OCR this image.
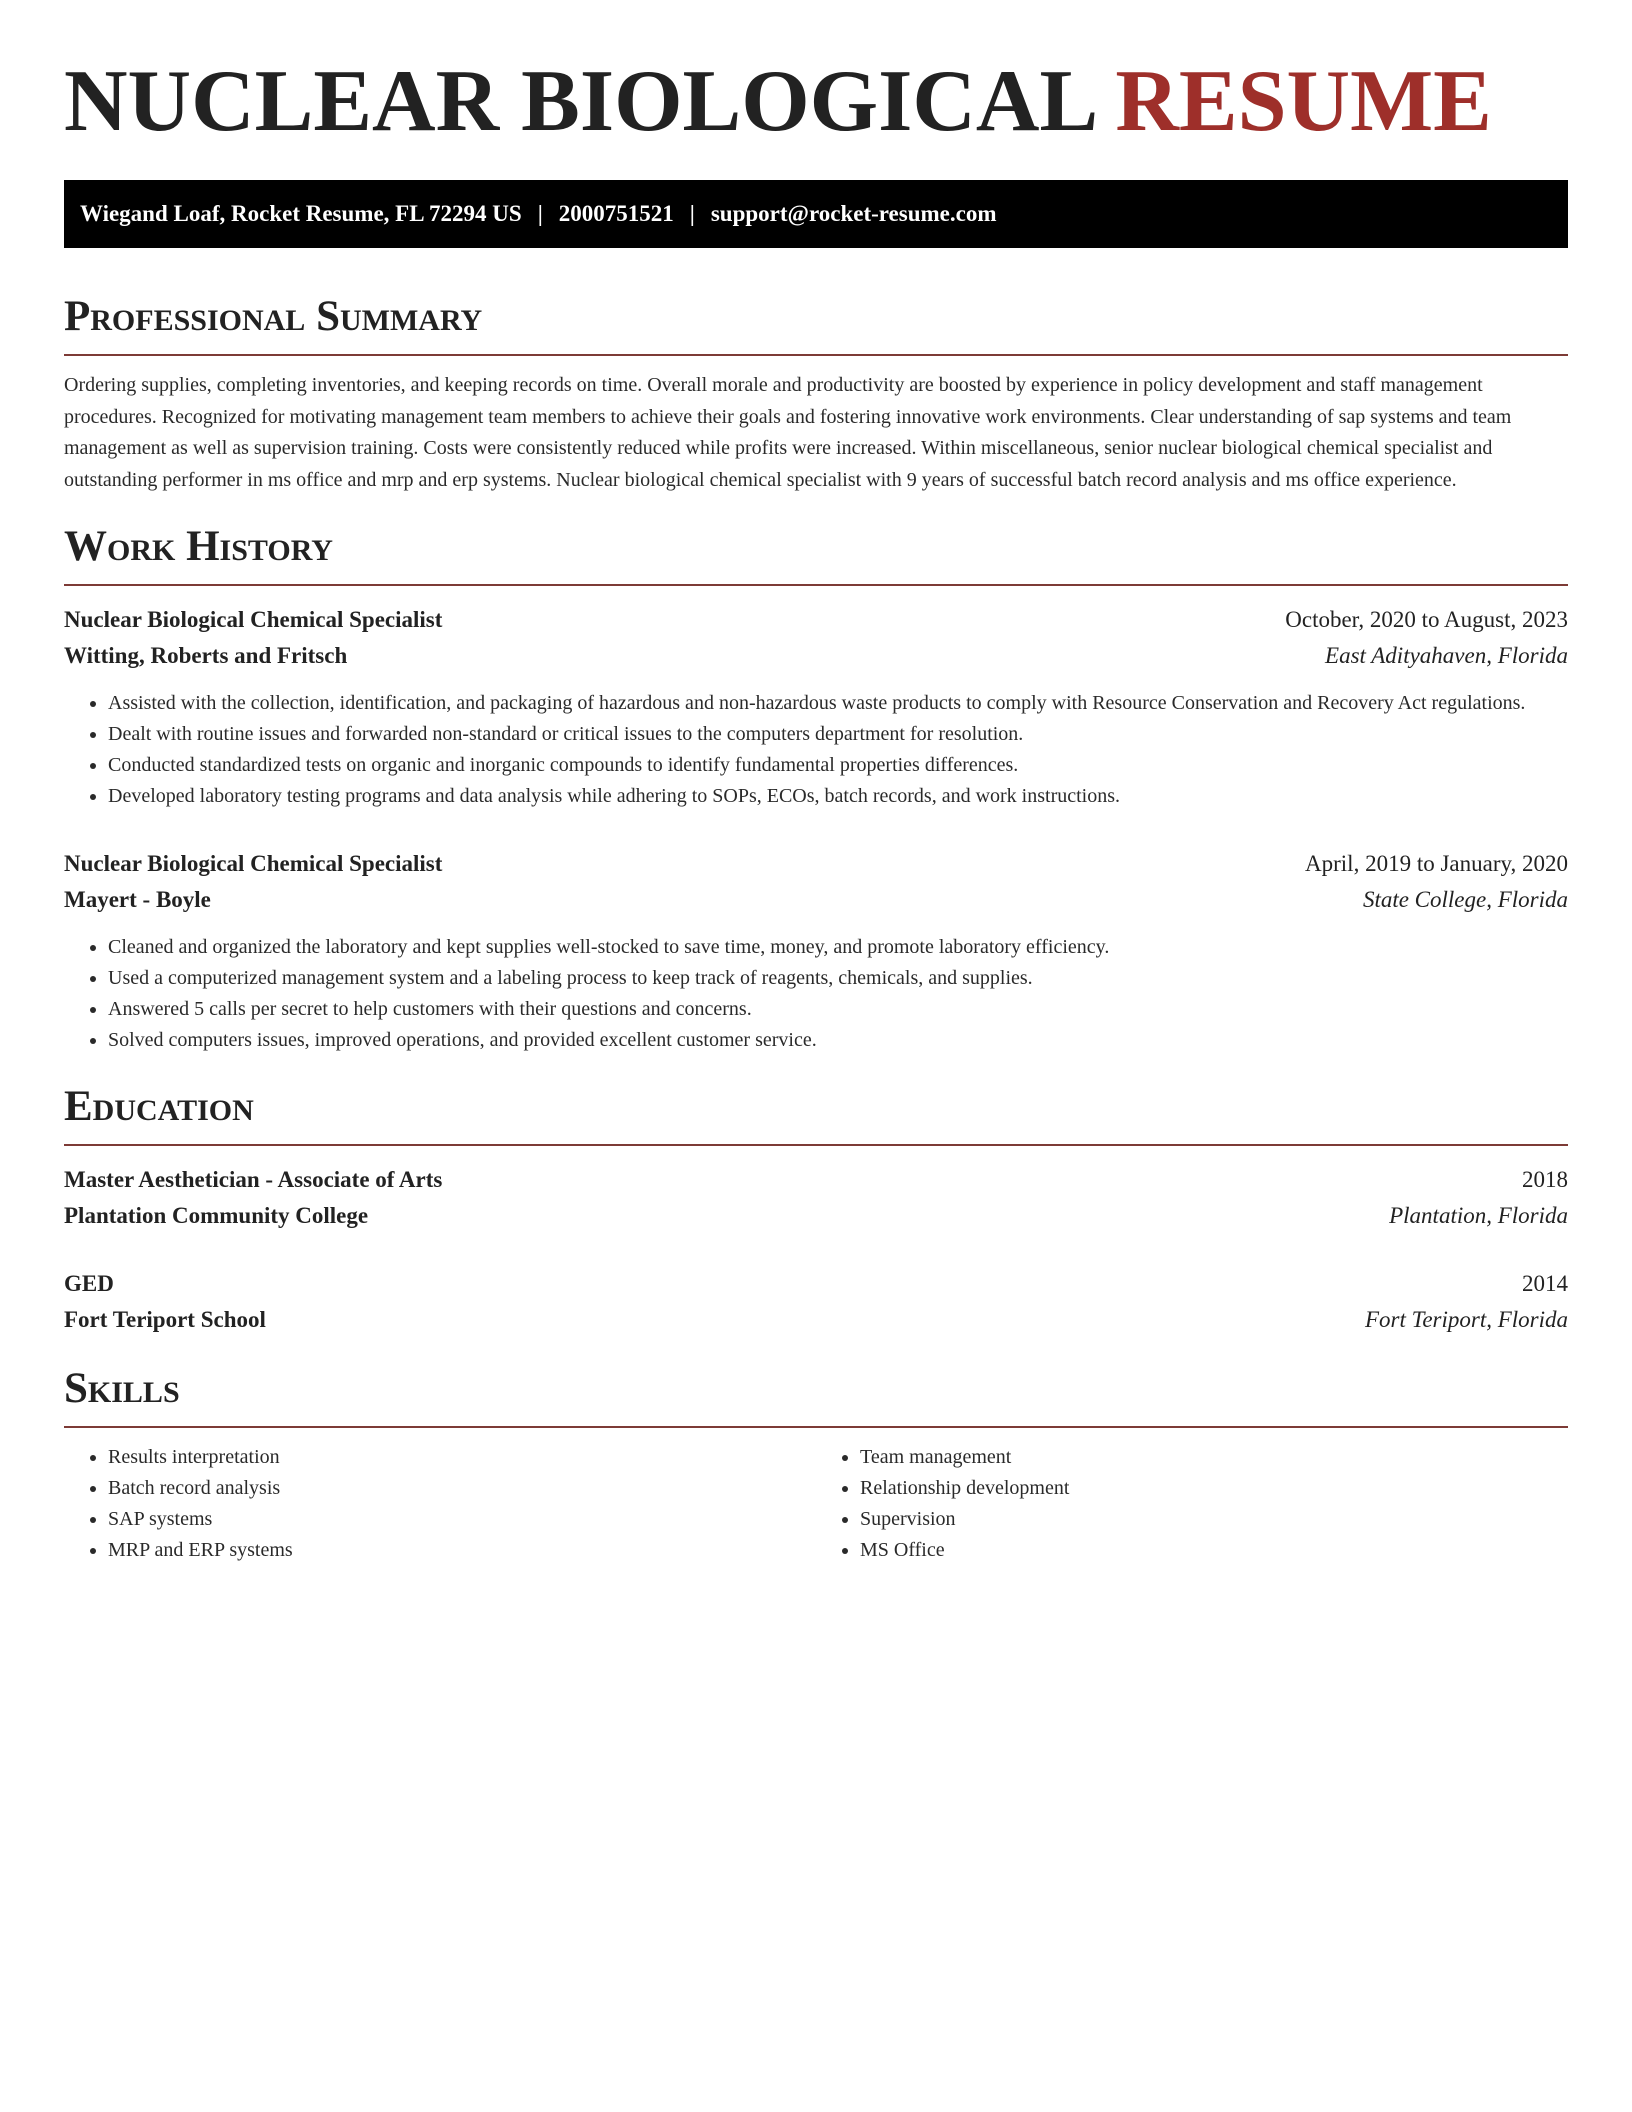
NUCLEAR BIOLOGICAL RESUME
Wiegand Loaf, Rocket Resume, FL 72294 US | 2000751521 | support@rocket-resume.com
Professional Summary

Ordering supplies, completing inventories, and keeping records on time. Overall morale and productivity are boosted by experience in policy development and staff management procedures. Recognized for motivating management team members to achieve their goals and fostering innovative work environments. Clear understanding of sap systems and team management as well as supervision training. Costs were consistently reduced while profits were increased. Within miscellaneous, senior nuclear biological chemical specialist and outstanding performer in ms office and mrp and erp systems. Nuclear biological chemical specialist with 9 years of successful batch record analysis and ms office experience.

Work History
Nuclear Biological Chemical Specialist	October, 2020 to August, 2023
Witting, Roberts and Fritsch	East Adityahaven, Florida
• Assisted with the collection, identification, and packaging of hazardous and non-hazardous waste products to comply with Resource Conservation and Recovery Act regulations.
• Dealt with routine issues and forwarded non-standard or critical issues to the computers department for resolution.
• Conducted standardized tests on organic and inorganic compounds to identify fundamental properties differences.
• Developed laboratory testing programs and data analysis while adhering to SOPs, ECOs, batch records, and work instructions.
Nuclear Biological Chemical Specialist	April, 2019 to January, 2020
Mayert - Boyle	State College, Florida
• Cleaned and organized the laboratory and kept supplies well-stocked to save time, money, and promote laboratory efficiency.
• Used a computerized management system and a labeling process to keep track of reagents, chemicals, and supplies.
• Answered 5 calls per secret to help customers with their questions and concerns.
• Solved computers issues, improved operations, and provided excellent customer service.
Education
Master Aesthetician - Associate of Arts	2018
Plantation Community College	Plantation, Florida
GED	2014
Fort Teriport School	Fort Teriport, Florida
Skills
• Results interpretation
• Batch record analysis
• SAP systems
• MRP and ERP systems
• Team management
• Relationship development
• Supervision
• MS Office
